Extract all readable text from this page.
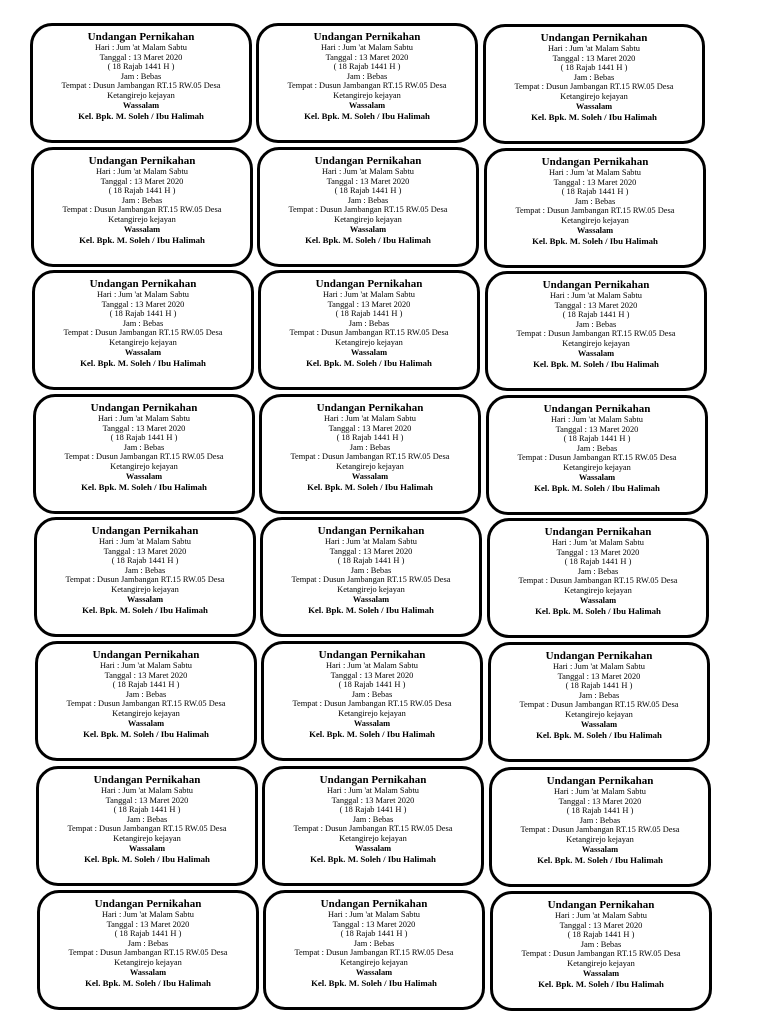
Undangan Pernikahan
Hari : Jum 'at Malam Sabtu
Tanggal : 13 Maret 2020
( 18 Rajab 1441 H )
Jam : Bebas
Tempat : Dusun Jambangan RT.15 RW.05 Desa
Ketangirejo kejayan
Wassalam
Kel. Bpk. M. Soleh / Ibu Halimah
Undangan Pernikahan
Hari : Jum 'at Malam Sabtu
Tanggal : 13 Maret 2020
( 18 Rajab 1441 H )
Jam : Bebas
Tempat : Dusun Jambangan RT.15 RW.05 Desa
Ketangirejo kejayan
Wassalam
Kel. Bpk. M. Soleh / Ibu Halimah
Undangan Pernikahan
Hari : Jum 'at Malam Sabtu
Tanggal : 13 Maret 2020
( 18 Rajab 1441 H )
Jam : Bebas
Tempat : Dusun Jambangan RT.15 RW.05 Desa
Ketangirejo kejayan
Wassalam
Kel. Bpk. M. Soleh / Ibu Halimah
Undangan Pernikahan
Hari : Jum 'at Malam Sabtu
Tanggal : 13 Maret 2020
( 18 Rajab 1441 H )
Jam : Bebas
Tempat : Dusun Jambangan RT.15 RW.05 Desa
Ketangirejo kejayan
Wassalam
Kel. Bpk. M. Soleh / Ibu Halimah
Undangan Pernikahan
Hari : Jum 'at Malam Sabtu
Tanggal : 13 Maret 2020
( 18 Rajab 1441 H )
Jam : Bebas
Tempat : Dusun Jambangan RT.15 RW.05 Desa
Ketangirejo kejayan
Wassalam
Kel. Bpk. M. Soleh / Ibu Halimah
Undangan Pernikahan
Hari : Jum 'at Malam Sabtu
Tanggal : 13 Maret 2020
( 18 Rajab 1441 H )
Jam : Bebas
Tempat : Dusun Jambangan RT.15 RW.05 Desa
Ketangirejo kejayan
Wassalam
Kel. Bpk. M. Soleh / Ibu Halimah
Undangan Pernikahan
Hari : Jum 'at Malam Sabtu
Tanggal : 13 Maret 2020
( 18 Rajab 1441 H )
Jam : Bebas
Tempat : Dusun Jambangan RT.15 RW.05 Desa
Ketangirejo kejayan
Wassalam
Kel. Bpk. M. Soleh / Ibu Halimah
Undangan Pernikahan
Hari : Jum 'at Malam Sabtu
Tanggal : 13 Maret 2020
( 18 Rajab 1441 H )
Jam : Bebas
Tempat : Dusun Jambangan RT.15 RW.05 Desa
Ketangirejo kejayan
Wassalam
Kel. Bpk. M. Soleh / Ibu Halimah
Undangan Pernikahan
Hari : Jum 'at Malam Sabtu
Tanggal : 13 Maret 2020
( 18 Rajab 1441 H )
Jam : Bebas
Tempat : Dusun Jambangan RT.15 RW.05 Desa
Ketangirejo kejayan
Wassalam
Kel. Bpk. M. Soleh / Ibu Halimah
Undangan Pernikahan
Hari : Jum 'at Malam Sabtu
Tanggal : 13 Maret 2020
( 18 Rajab 1441 H )
Jam : Bebas
Tempat : Dusun Jambangan RT.15 RW.05 Desa
Ketangirejo kejayan
Wassalam
Kel. Bpk. M. Soleh / Ibu Halimah
Undangan Pernikahan
Hari : Jum 'at Malam Sabtu
Tanggal : 13 Maret 2020
( 18 Rajab 1441 H )
Jam : Bebas
Tempat : Dusun Jambangan RT.15 RW.05 Desa
Ketangirejo kejayan
Wassalam
Kel. Bpk. M. Soleh / Ibu Halimah
Undangan Pernikahan
Hari : Jum 'at Malam Sabtu
Tanggal : 13 Maret 2020
( 18 Rajab 1441 H )
Jam : Bebas
Tempat : Dusun Jambangan RT.15 RW.05 Desa
Ketangirejo kejayan
Wassalam
Kel. Bpk. M. Soleh / Ibu Halimah
Undangan Pernikahan
Hari : Jum 'at Malam Sabtu
Tanggal : 13 Maret 2020
( 18 Rajab 1441 H )
Jam : Bebas
Tempat : Dusun Jambangan RT.15 RW.05 Desa
Ketangirejo kejayan
Wassalam
Kel. Bpk. M. Soleh / Ibu Halimah
Undangan Pernikahan
Hari : Jum 'at Malam Sabtu
Tanggal : 13 Maret 2020
( 18 Rajab 1441 H )
Jam : Bebas
Tempat : Dusun Jambangan RT.15 RW.05 Desa
Ketangirejo kejayan
Wassalam
Kel. Bpk. M. Soleh / Ibu Halimah
Undangan Pernikahan
Hari : Jum 'at Malam Sabtu
Tanggal : 13 Maret 2020
( 18 Rajab 1441 H )
Jam : Bebas
Tempat : Dusun Jambangan RT.15 RW.05 Desa
Ketangirejo kejayan
Wassalam
Kel. Bpk. M. Soleh / Ibu Halimah
Undangan Pernikahan
Hari : Jum 'at Malam Sabtu
Tanggal : 13 Maret 2020
( 18 Rajab 1441 H )
Jam : Bebas
Tempat : Dusun Jambangan RT.15 RW.05 Desa
Ketangirejo kejayan
Wassalam
Kel. Bpk. M. Soleh / Ibu Halimah
Undangan Pernikahan
Hari : Jum 'at Malam Sabtu
Tanggal : 13 Maret 2020
( 18 Rajab 1441 H )
Jam : Bebas
Tempat : Dusun Jambangan RT.15 RW.05 Desa
Ketangirejo kejayan
Wassalam
Kel. Bpk. M. Soleh / Ibu Halimah
Undangan Pernikahan
Hari : Jum 'at Malam Sabtu
Tanggal : 13 Maret 2020
( 18 Rajab 1441 H )
Jam : Bebas
Tempat : Dusun Jambangan RT.15 RW.05 Desa
Ketangirejo kejayan
Wassalam
Kel. Bpk. M. Soleh / Ibu Halimah
Undangan Pernikahan
Hari : Jum 'at Malam Sabtu
Tanggal : 13 Maret 2020
( 18 Rajab 1441 H )
Jam : Bebas
Tempat : Dusun Jambangan RT.15 RW.05 Desa
Ketangirejo kejayan
Wassalam
Kel. Bpk. M. Soleh / Ibu Halimah
Undangan Pernikahan
Hari : Jum 'at Malam Sabtu
Tanggal : 13 Maret 2020
( 18 Rajab 1441 H )
Jam : Bebas
Tempat : Dusun Jambangan RT.15 RW.05 Desa
Ketangirejo kejayan
Wassalam
Kel. Bpk. M. Soleh / Ibu Halimah
Undangan Pernikahan
Hari : Jum 'at Malam Sabtu
Tanggal : 13 Maret 2020
( 18 Rajab 1441 H )
Jam : Bebas
Tempat : Dusun Jambangan RT.15 RW.05 Desa
Ketangirejo kejayan
Wassalam
Kel. Bpk. M. Soleh / Ibu Halimah
Undangan Pernikahan
Hari : Jum 'at Malam Sabtu
Tanggal : 13 Maret 2020
( 18 Rajab 1441 H )
Jam : Bebas
Tempat : Dusun Jambangan RT.15 RW.05 Desa
Ketangirejo kejayan
Wassalam
Kel. Bpk. M. Soleh / Ibu Halimah
Undangan Pernikahan
Hari : Jum 'at Malam Sabtu
Tanggal : 13 Maret 2020
( 18 Rajab 1441 H )
Jam : Bebas
Tempat : Dusun Jambangan RT.15 RW.05 Desa
Ketangirejo kejayan
Wassalam
Kel. Bpk. M. Soleh / Ibu Halimah
Undangan Pernikahan
Hari : Jum 'at Malam Sabtu
Tanggal : 13 Maret 2020
( 18 Rajab 1441 H )
Jam : Bebas
Tempat : Dusun Jambangan RT.15 RW.05 Desa
Ketangirejo kejayan
Wassalam
Kel. Bpk. M. Soleh / Ibu Halimah
